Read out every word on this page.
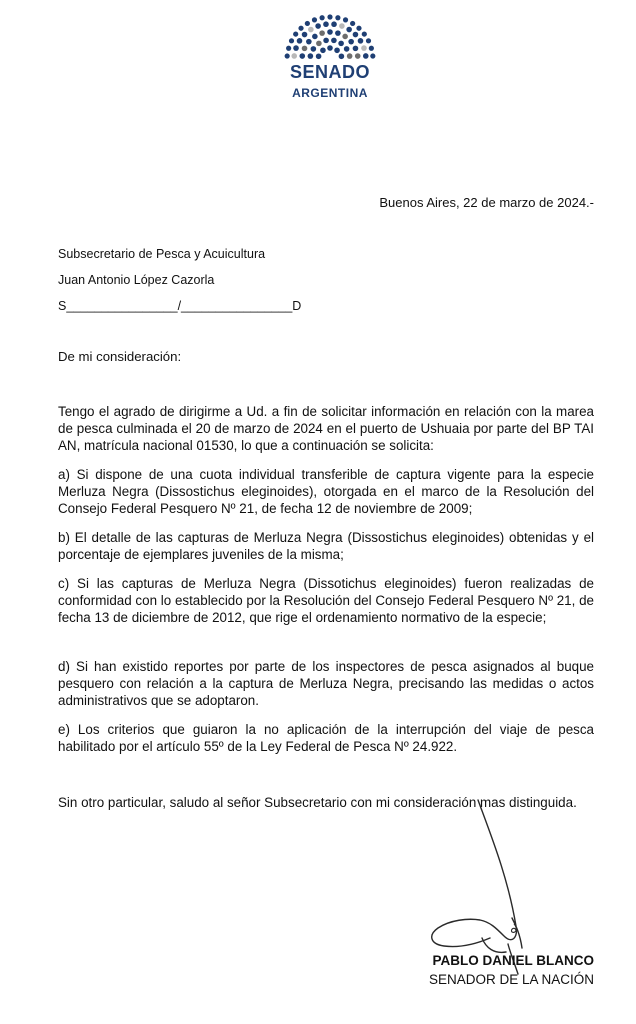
SENADO
ARGENTINA
Buenos Aires, 22 de marzo de 2024.-
Subsecretario de Pesca y Acuicultura
Juan Antonio López Cazorla
S________________/________________D
De mi consideración:
Tengo el agrado de dirigirme a Ud. a fin de solicitar información en relación con la marea de pesca culminada el 20 de marzo de 2024 en el puerto de Ushuaia por parte del BP TAI AN, matrícula nacional 01530, lo que a continuación se solicita:
a) Si dispone de una cuota individual transferible de captura vigente para la especie Merluza Negra (Dissostichus eleginoides), otorgada en el marco de la Resolución del Consejo Federal Pesquero Nº 21, de fecha 12 de noviembre de 2009;
b) El detalle de las capturas de Merluza Negra (Dissostichus eleginoides) obtenidas y el porcentaje de ejemplares juveniles de la misma;
c) Si las capturas de Merluza Negra (Dissotichus eleginoides) fueron realizadas de conformidad con lo establecido por la Resolución del Consejo Federal Pesquero Nº 21, de fecha 13 de diciembre de 2012, que rige el ordenamiento normativo de la especie;
d) Si han existido reportes por parte de los inspectores de pesca asignados al buque pesquero con relación a la captura de Merluza Negra, precisando las medidas o actos administrativos que se adoptaron.
e) Los criterios que guiaron la no aplicación de la interrupción del viaje de pesca habilitado por el artículo 55º de la Ley Federal de Pesca Nº 24.922.
Sin otro particular, saludo al señor Subsecretario con mi consideración mas distinguida.
PABLO DANIEL BLANCO
SENADOR DE LA NACIÓN
